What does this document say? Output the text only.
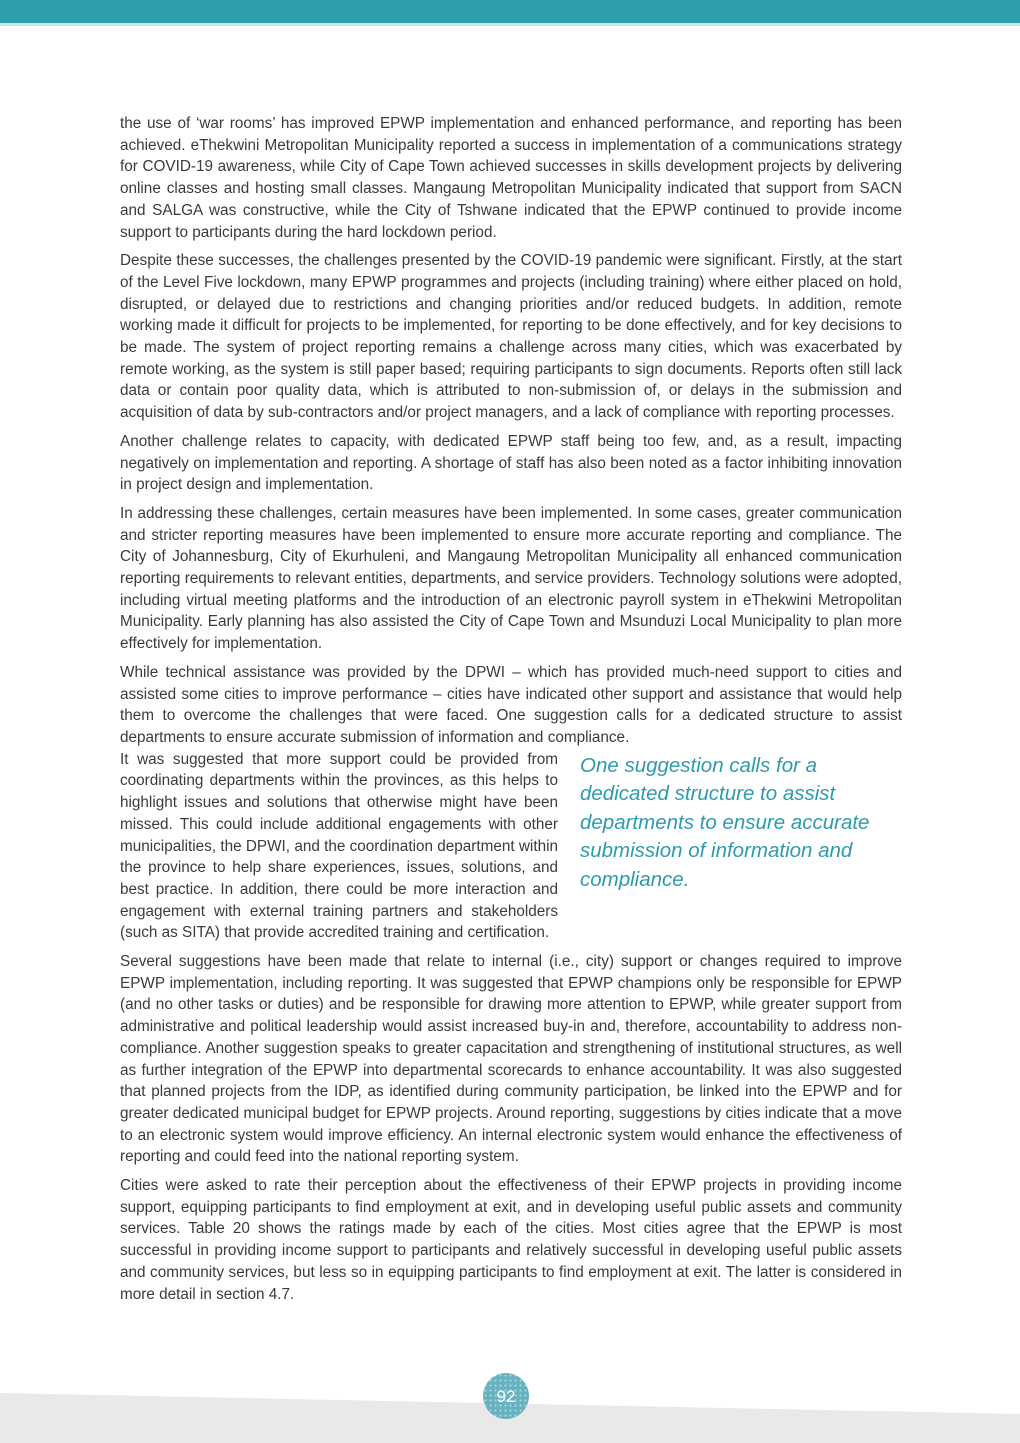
the use of ‘war rooms’ has improved EPWP implementation and enhanced performance, and reporting has been achieved. eThekwini Metropolitan Municipality reported a success in implementation of a communications strategy for COVID-19 awareness, while City of Cape Town achieved successes in skills development projects by delivering online classes and hosting small classes. Mangaung Metropolitan Municipality indicated that support from SACN and SALGA was constructive, while the City of Tshwane indicated that the EPWP continued to provide income support to participants during the hard lockdown period.

Despite these successes, the challenges presented by the COVID-19 pandemic were significant. Firstly, at the start of the Level Five lockdown, many EPWP programmes and projects (including training) where either placed on hold, disrupted, or delayed due to restrictions and changing priorities and/or reduced budgets. In addition, remote working made it difficult for projects to be implemented, for reporting to be done effectively, and for key decisions to be made. The system of project reporting remains a challenge across many cities, which was exacerbated by remote working, as the system is still paper based; requiring participants to sign documents. Reports often still lack data or contain poor quality data, which is attributed to non-submission of, or delays in the submission and acquisition of data by sub-contractors and/or project managers, and a lack of compliance with reporting processes.

Another challenge relates to capacity, with dedicated EPWP staff being too few, and, as a result, impacting negatively on implementation and reporting. A shortage of staff has also been noted as a factor inhibiting innovation in project design and implementation.

In addressing these challenges, certain measures have been implemented. In some cases, greater communication and stricter reporting measures have been implemented to ensure more accurate reporting and compliance. The City of Johannesburg, City of Ekurhuleni, and Mangaung Metropolitan Municipality all enhanced communication reporting requirements to relevant entities, departments, and service providers. Technology solutions were adopted, including virtual meeting platforms and the introduction of an electronic payroll system in eThekwini Metropolitan Municipality. Early planning has also assisted the City of Cape Town and Msunduzi Local Municipality to plan more effectively for implementation.

While technical assistance was provided by the DPWI – which has provided much-need support to cities and assisted some cities to improve performance – cities have indicated other support and assistance that would help them to overcome the challenges that were faced. One suggestion calls for a dedicated structure to assist departments to ensure accurate submission of information and compliance.

One suggestion calls for a dedicated structure to assist departments to ensure accurate submission of information and compliance.
It was suggested that more support could be provided from coordinating departments within the provinces, as this helps to highlight issues and solutions that otherwise might have been missed. This could include additional engagements with other municipalities, the DPWI, and the coordination department within the province to help share experiences, issues, solutions, and best practice. In addition, there could be more interaction and engagement with external training partners and stakeholders (such as SITA) that provide accredited training and certification.

Several suggestions have been made that relate to internal (i.e., city) support or changes required to improve EPWP implementation, including reporting. It was suggested that EPWP champions only be responsible for EPWP (and no other tasks or duties) and be responsible for drawing more attention to EPWP, while greater support from administrative and political leadership would assist increased buy-in and, therefore, accountability to address non-compliance. Another suggestion speaks to greater capacitation and strengthening of institutional structures, as well as further integration of the EPWP into departmental scorecards to enhance accountability. It was also suggested that planned projects from the IDP, as identified during community participation, be linked into the EPWP and for greater dedicated municipal budget for EPWP projects. Around reporting, suggestions by cities indicate that a move to an electronic system would improve efficiency. An internal electronic system would enhance the effectiveness of reporting and could feed into the national reporting system.

Cities were asked to rate their perception about the effectiveness of their EPWP projects in providing income support, equipping participants to find employment at exit, and in developing useful public assets and community services. Table 20 shows the ratings made by each of the cities. Most cities agree that the EPWP is most successful in providing income support to participants and relatively successful in developing useful public assets and community services, but less so in equipping participants to find employment at exit. The latter is considered in more detail in section 4.7.

92
